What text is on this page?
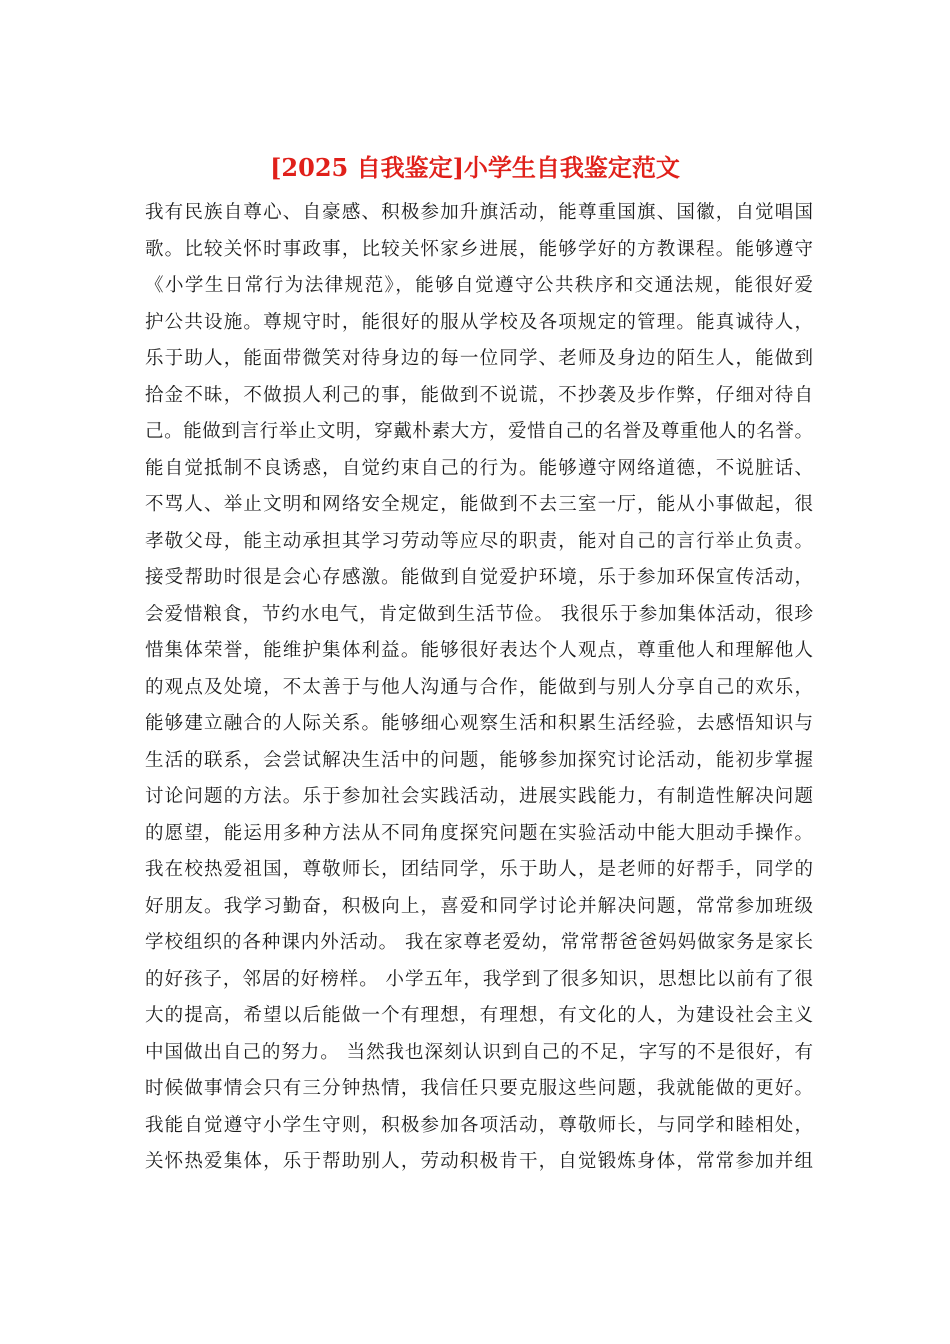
[2025 自我鉴定]小学生自我鉴定范文
我有民族自尊心、自豪感、积极参加升旗活动，能尊重国旗、国徽，自觉唱国
歌。比较关怀时事政事，比较关怀家乡进展，能够学好的方教课程。能够遵守
《小学生日常行为法律规范》，能够自觉遵守公共秩序和交通法规，能很好爱
护公共设施。尊规守时，能很好的服从学校及各项规定的管理。能真诚待人，
乐于助人，能面带微笑对待身边的每一位同学、老师及身边的陌生人，能做到
拾金不昧，不做损人利己的事，能做到不说谎，不抄袭及步作弊，仔细对待自
己。能做到言行举止文明，穿戴朴素大方，爱惜自己的名誉及尊重他人的名誉。
能自觉抵制不良诱惑，自觉约束自己的行为。能够遵守网络道德，不说脏话、
不骂人、举止文明和网络安全规定，能做到不去三室一厅，能从小事做起，很
孝敬父母，能主动承担其学习劳动等应尽的职责，能对自己的言行举止负责。
接受帮助时很是会心存感激。能做到自觉爱护环境，乐于参加环保宣传活动，
会爱惜粮食，节约水电气，肯定做到生活节俭。 我很乐于参加集体活动，很珍
惜集体荣誉，能维护集体利益。能够很好表达个人观点，尊重他人和理解他人
的观点及处境，不太善于与他人沟通与合作，能做到与别人分享自己的欢乐，
能够建立融合的人际关系。能够细心观察生活和积累生活经验，去感悟知识与
生活的联系，会尝试解决生活中的问题，能够参加探究讨论活动，能初步掌握
讨论问题的方法。乐于参加社会实践活动，进展实践能力，有制造性解决问题
的愿望，能运用多种方法从不同角度探究问题在实验活动中能大胆动手操作。
我在校热爱祖国，尊敬师长，团结同学，乐于助人，是老师的好帮手，同学的
好朋友。我学习勤奋，积极向上，喜爱和同学讨论并解决问题，常常参加班级
学校组织的各种课内外活动。 我在家尊老爱幼，常常帮爸爸妈妈做家务是家长
的好孩子，邻居的好榜样。 小学五年，我学到了很多知识，思想比以前有了很
大的提高，希望以后能做一个有理想，有理想，有文化的人，为建设社会主义
中国做出自己的努力。 当然我也深刻认识到自己的不足，字写的不是很好，有
时候做事情会只有三分钟热情，我信任只要克服这些问题，我就能做的更好。
我能自觉遵守小学生守则，积极参加各项活动，尊敬师长，与同学和睦相处，
关怀热爱集体，乐于帮助别人，劳动积极肯干，自觉锻炼身体，常常参加并组
